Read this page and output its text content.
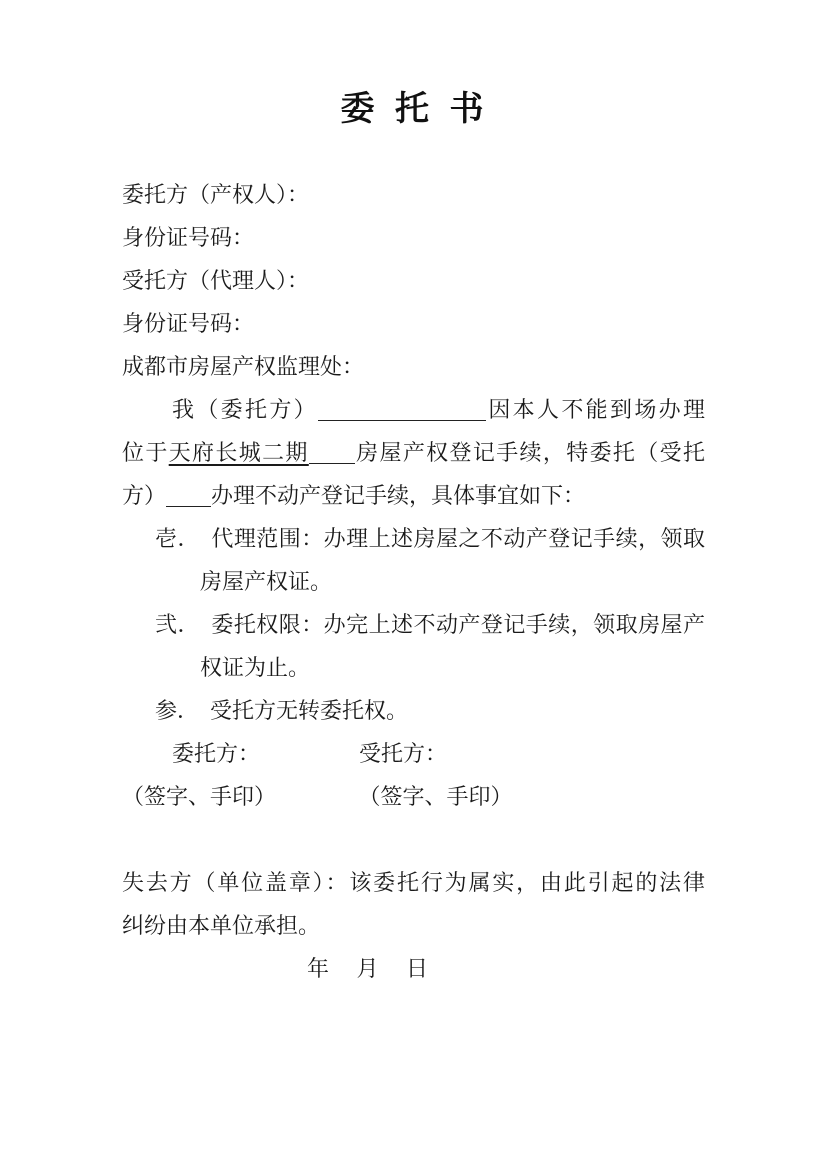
委 托 书
委托方（产权人）：
身份证号码：
受托方（代理人）：
身份证号码：
成都市房屋产权监理处：
我（委托方）	因本人不能到场办理
位于天府长城二期 房屋产权登记手续，特委托（受托
方） 办理不动产登记手续，具体事宜如下：
壱．　代理范围：办理上述房屋之不动产登记手续，领取
房屋产权证。
弐．　委托权限：办完上述不动产登记手续，领取房屋产
权证为止。
参．　受托方无转委托权。
委托方：　　　　　受托方：
（签字、手印）　　　　 （签字、手印）
失去方（单位盖章）：该委托行为属实，由此引起的法律
纠纷由本单位承担。
年　 月　 日
